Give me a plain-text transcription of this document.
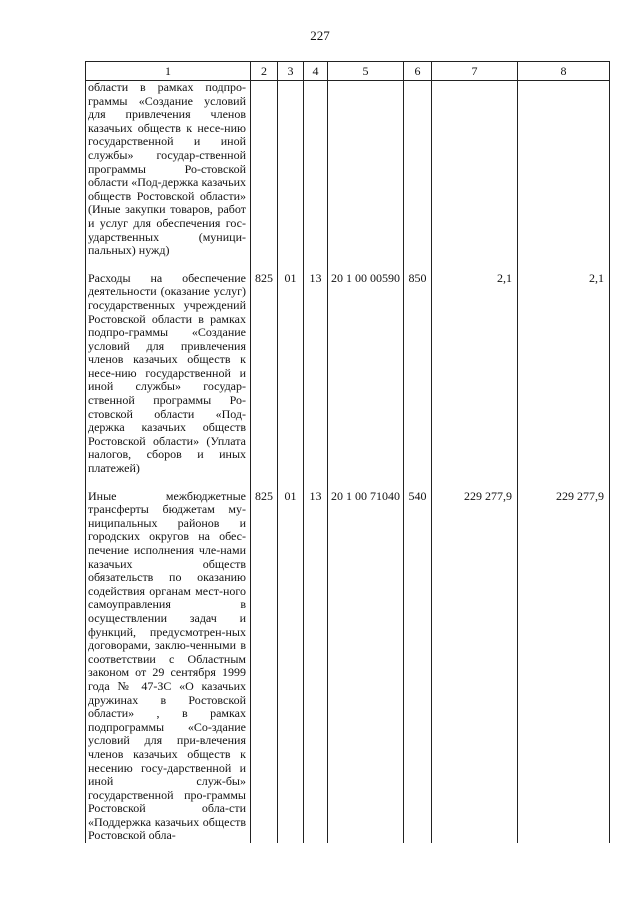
227
1	2	3	4	5	6	7	8
области в рамках подпро-граммы «Создание условий для привлечения членов казачьих обществ к несе-нию государственной и иной службы» государ-ственной программы Ро-стовской области «Под-держка казачьих обществ Ростовской области» (Иные закупки товаров, работ и услуг для обеспечения гос-ударственных (муници-пальных) нужд)							

Расходы на обеспечение деятельности (оказание услуг) государственных учреждений Ростовской области в рамках подпро-граммы «Создание условий для привлечения членов казачьих обществ к несе-нию государственной и иной службы» государ-ственной программы Ро-стовской области «Под-держка казачьих обществ Ростовской области» (Уплата налогов, сборов и иных платежей)	825	01	13	20 1 00 00590	850	2,1	2,1

Иные межбюджетные трансферты бюджетам му-ниципальных районов и городских округов на обес-печение исполнения чле-нами казачьих обществ обязательств по оказанию содействия органам мест-ного самоуправления в осуществлении задач и функций, предусмотрен-ных договорами, заклю-ченными в соответствии с Областным законом от 29 сентября 1999 года № 47-ЗС «О казачьих дружинах в Ростовской области» , в рамках подпрограммы «Со-здание условий для при-влечения членов казачьих обществ к несению госу-дарственной и иной служ-бы» государственной про-граммы Ростовской обла-сти «Поддержка казачьих обществ Ростовской обла-	825	01	13	20 1 00 71040	540	229 277,9	229 277,9
